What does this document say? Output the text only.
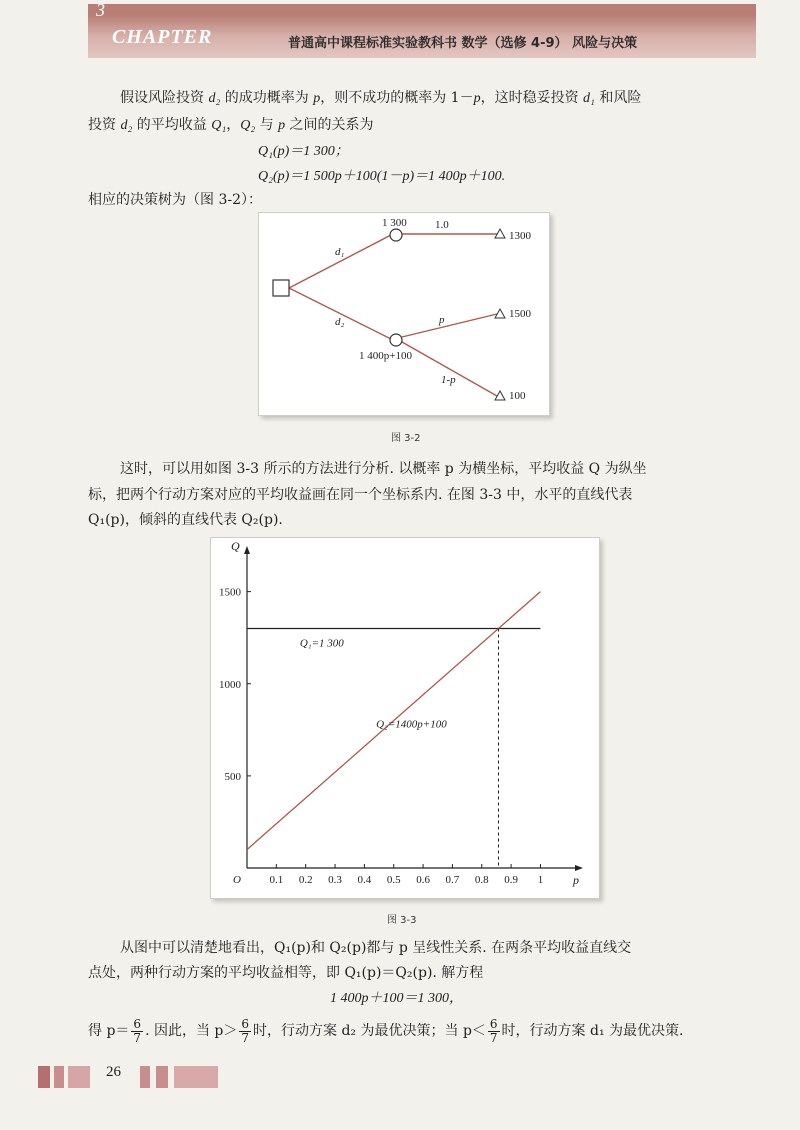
3
CHAPTER	普通高中课程标准实验教科书 数学（选修 4-9） 风险与决策
假设风险投资 d₂ 的成功概率为 p，则不成功的概率为 1－p，这时稳妥投资 d₁ 和风险
投资 d₂ 的平均收益 Q₁，Q₂ 与 p 之间的关系为
Q₁(p)＝1 300；
Q₂(p)＝1 500p＋100(1－p)＝1 400p＋100.
相应的决策树为（图 3-2）：
d₁
d₂
1 300
1 400p+100
1.0
p
1-p
1300
1500
100
图 3-2
这时，可以用如图 3-3 所示的方法进行分析. 以概率 p 为横坐标，平均收益 Q 为纵坐
标，把两个行动方案对应的平均收益画在同一个坐标系内. 在图 3-3 中，水平的直线代表
Q₁(p)，倾斜的直线代表 Q₂(p).
0.1 0.2 0.3 0.4 0.5 0.6 0.7 0.8 0.9 1
500
1000
1500
Q₁=1 300
Q₂=1400p+100
Q
p
O
图 3-3
从图中可以清楚地看出，Q₁(p)和 Q₂(p)都与 p 呈线性关系. 在两条平均收益直线交
点处，两种行动方案的平均收益相等，即 Q₁(p)＝Q₂(p). 解方程
1 400p＋100＝1 300，
得 $p= \frac{6}{7}$ . 因此，当 $p> \frac{6}{7}$ 时，行动方案 d₂ 为最优决策；当 $p< \frac{6}{7}$ 时，行动方案 d₁ 为最优决策.
26
